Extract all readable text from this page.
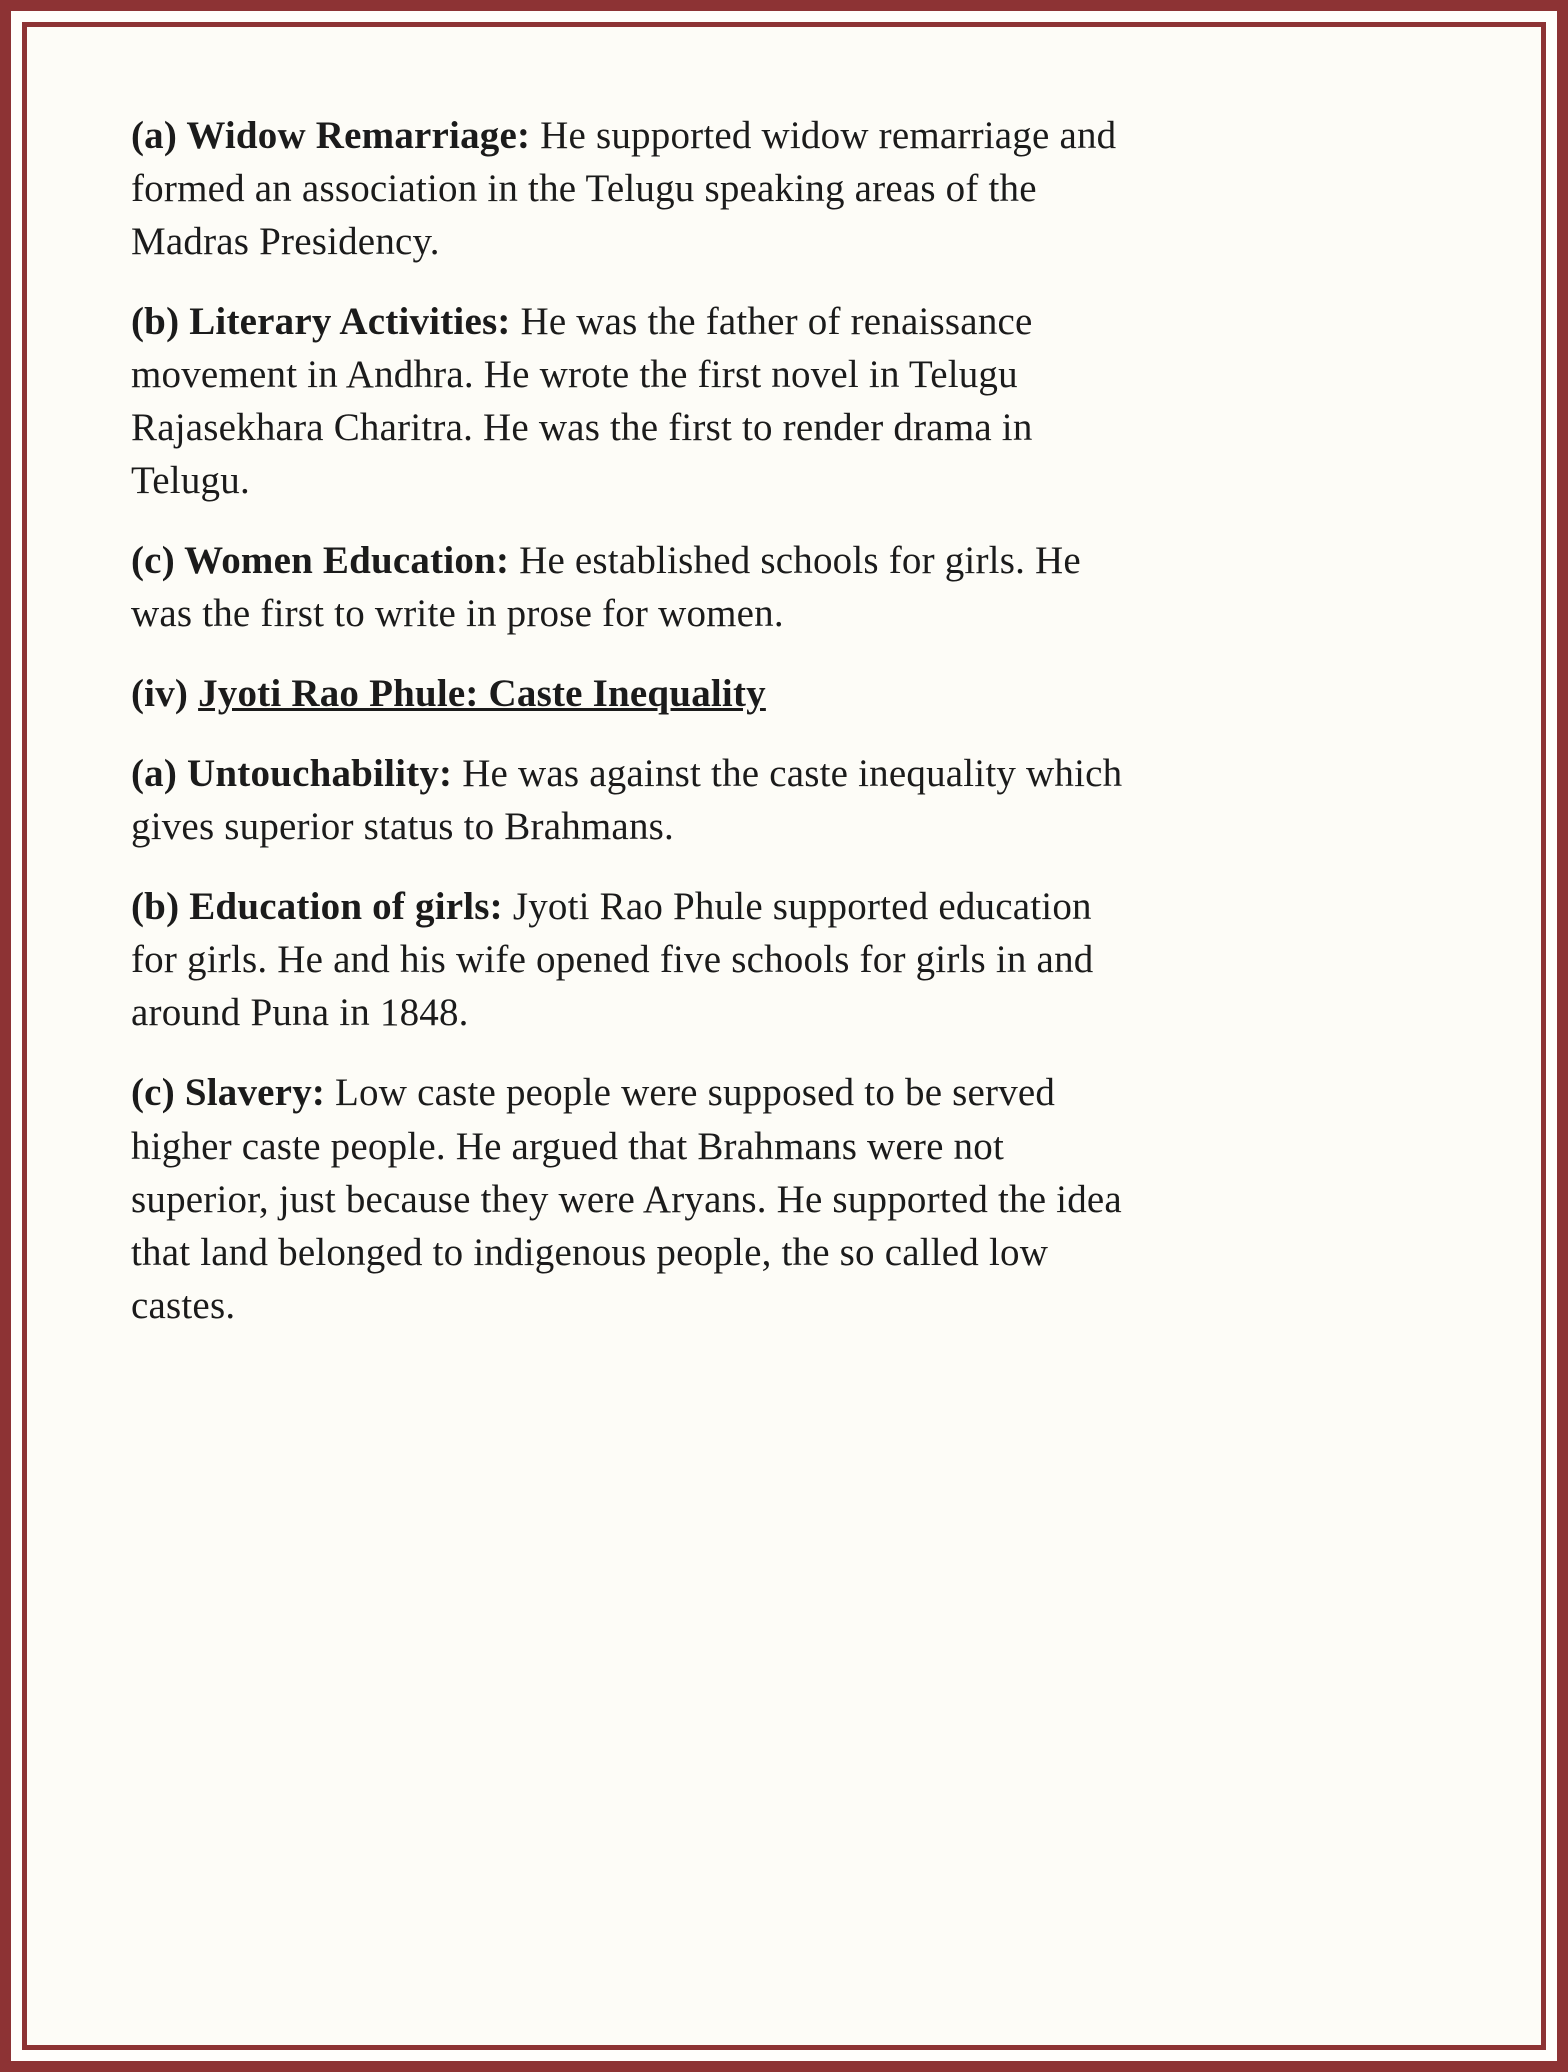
(a) Widow Remarriage: He supported widow remarriage and formed an association in the Telugu speaking areas of the Madras Presidency.

(b) Literary Activities: He was the father of renaissance movement in Andhra. He wrote the first novel in Telugu Rajasekhara Charitra. He was the first to render drama in Telugu.

(c) Women Education: He established schools for girls. He was the first to write in prose for women.

(iv) Jyoti Rao Phule: Caste Inequality

(a) Untouchability: He was against the caste inequality which gives superior status to Brahmans.

(b) Education of girls: Jyoti Rao Phule supported education for girls. He and his wife opened five schools for girls in and around Puna in 1848.

(c) Slavery: Low caste people were supposed to be served higher caste people. He argued that Brahmans were not superior, just because they were Aryans. He supported the idea that land belonged to indigenous people, the so called low castes.
